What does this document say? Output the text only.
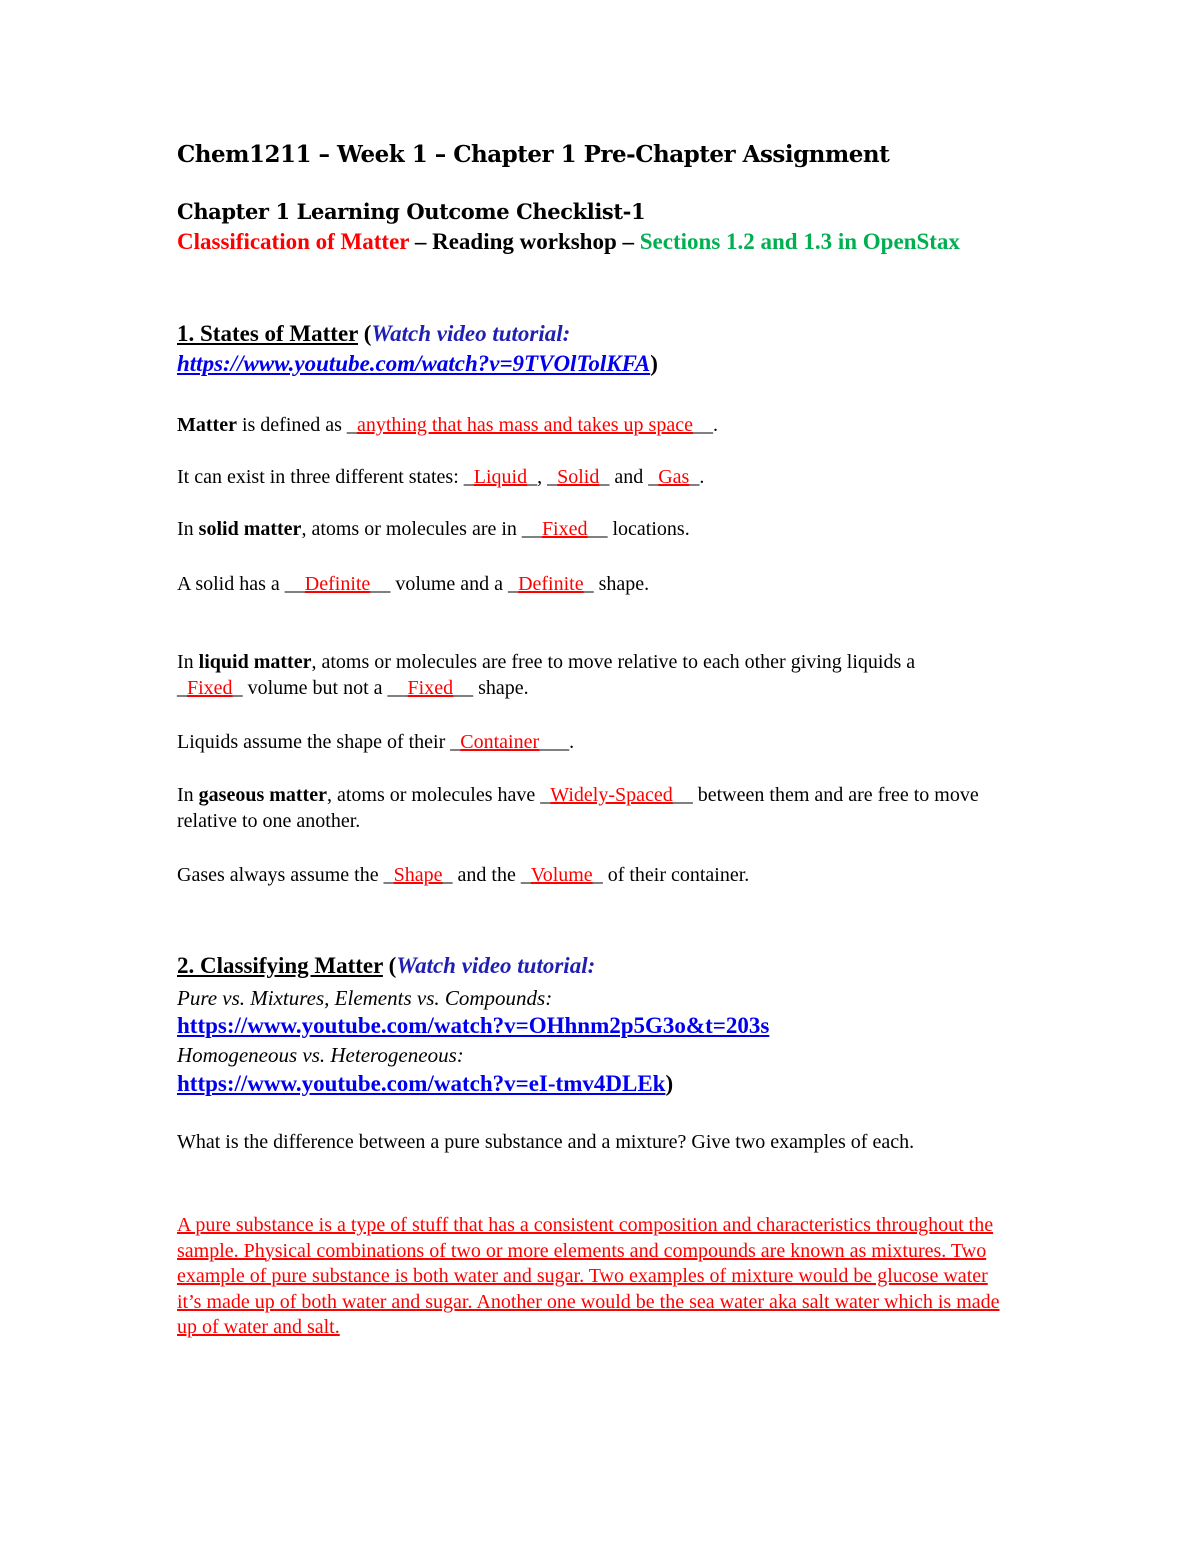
Chem1211 – Week 1 – Chapter 1 Pre-Chapter Assignment
Chapter 1 Learning Outcome Checklist-1
Classification of Matter – Reading workshop – Sections 1.2 and 1.3 in OpenStax
1. States of Matter (Watch video tutorial:
https://www.youtube.com/watch?v=9TVOlTolKFA)
Matter is defined as _anything that has mass and takes up space__.
It can exist in three different states: _Liquid_, _Solid_ and _Gas_.
In solid matter, atoms or molecules are in __Fixed__ locations.
A solid has a __Definite__ volume and a _Definite_ shape.
In liquid matter, atoms or molecules are free to move relative to each other giving liquids a _Fixed_ volume but not a __Fixed__ shape.
Liquids assume the shape of their _Container___.
In gaseous matter, atoms or molecules have _Widely-Spaced__ between them and are free to move relative to one another.
Gases always assume the _Shape_ and the _Volume_ of their container.
2. Classifying Matter (Watch video tutorial:
Pure vs. Mixtures, Elements vs. Compounds:
https://www.youtube.com/watch?v=OHhnm2p5G3o&t=203s
Homogeneous vs. Heterogeneous:
https://www.youtube.com/watch?v=eI-tmv4DLEk)
What is the difference between a pure substance and a mixture? Give two examples of each.
A pure substance is a type of stuff that has a consistent composition and characteristics throughout the sample. Physical combinations of two or more elements and compounds are known as mixtures. Two example of pure substance is both water and sugar. Two examples of mixture would be glucose water it’s made up of both water and sugar. Another one would be the sea water aka salt water which is made up of water and salt.
